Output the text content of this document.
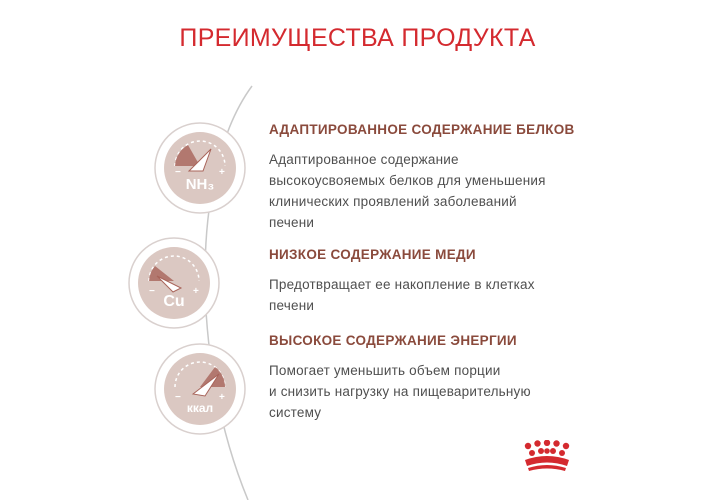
ПРЕИМУЩЕСТВА ПРОДУКТА
−	+
NH₃
−	+
Cu
−	+
ккал
АДАПТИРОВАННОЕ СОДЕРЖАНИЕ БЕЛКОВ

Адаптированное содержание
высокоусвояемых белков для уменьшения
клинических проявлений заболеваний
печени

НИЗКОЕ СОДЕРЖАНИЕ МЕДИ

Предотвращает ее накопление в клетках
печени

ВЫСОКОЕ СОДЕРЖАНИЕ ЭНЕРГИИ

Помогает уменьшить объем порции
и снизить нагрузку на пищеварительную
систему
